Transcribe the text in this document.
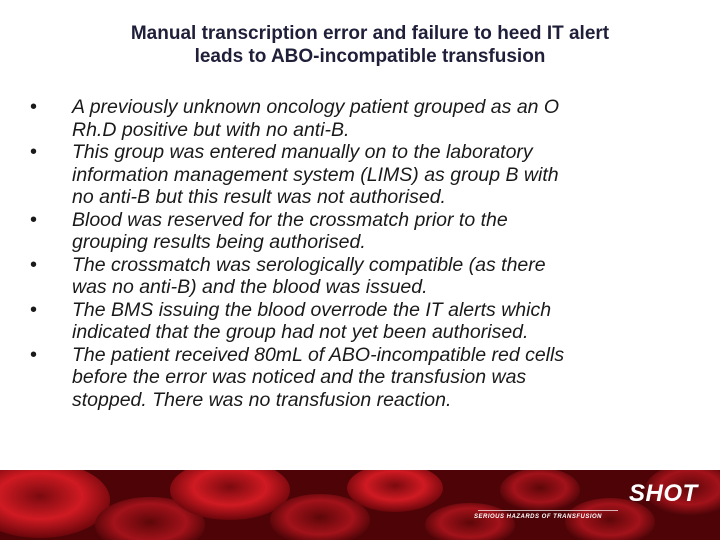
Manual transcription error and failure to heed IT alert
leads to ABO-incompatible transfusion
• A previously unknown oncology patient grouped as an O
Rh.D positive but with no anti-B.
• This group was entered manually on to the laboratory
information management system (LIMS) as group B with
no anti-B but this result was not authorised.
• Blood was reserved for the crossmatch prior to the
grouping results being authorised.
• The crossmatch was serologically compatible (as there
was no anti-B) and the blood was issued.
• The BMS issuing the blood overrode the IT alerts which
indicated that the group had not yet been authorised.
• The patient received 80mL of ABO-incompatible red cells
before the error was noticed and the transfusion was
stopped. There was no transfusion reaction.
SERIOUS HAZARDS OF TRANSFUSION
SHOT
